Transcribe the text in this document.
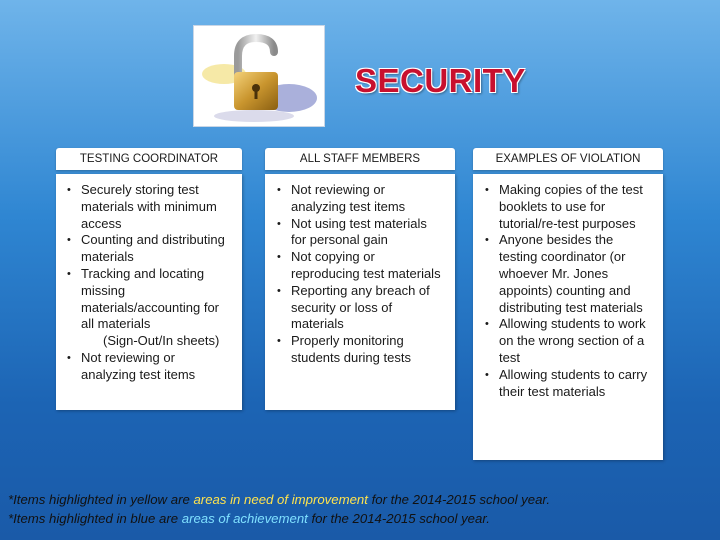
SECURITY
TESTING COORDINATOR
• Securely storing test materials with minimum access
• Counting and distributing materials
• Tracking and locating missing materials/accounting for all materials
(Sign-Out/In sheets)
• Not reviewing or analyzing test items
ALL STAFF MEMBERS
• Not reviewing or analyzing test items
• Not using test materials for personal gain
• Not copying or reproducing test materials
• Reporting any breach of security or loss of materials
• Properly monitoring students during tests
EXAMPLES OF VIOLATION
• Making copies of the test booklets to use for tutorial/re-test purposes
• Anyone besides the testing coordinator (or whoever Mr. Jones appoints) counting and distributing test materials
• Allowing students to work on the wrong section of a test
• Allowing students to carry their test materials
*Items highlighted in yellow are areas in need of improvement for the 2014-2015 school year.
*Items highlighted in blue are areas of achievement for the 2014-2015 school year.
